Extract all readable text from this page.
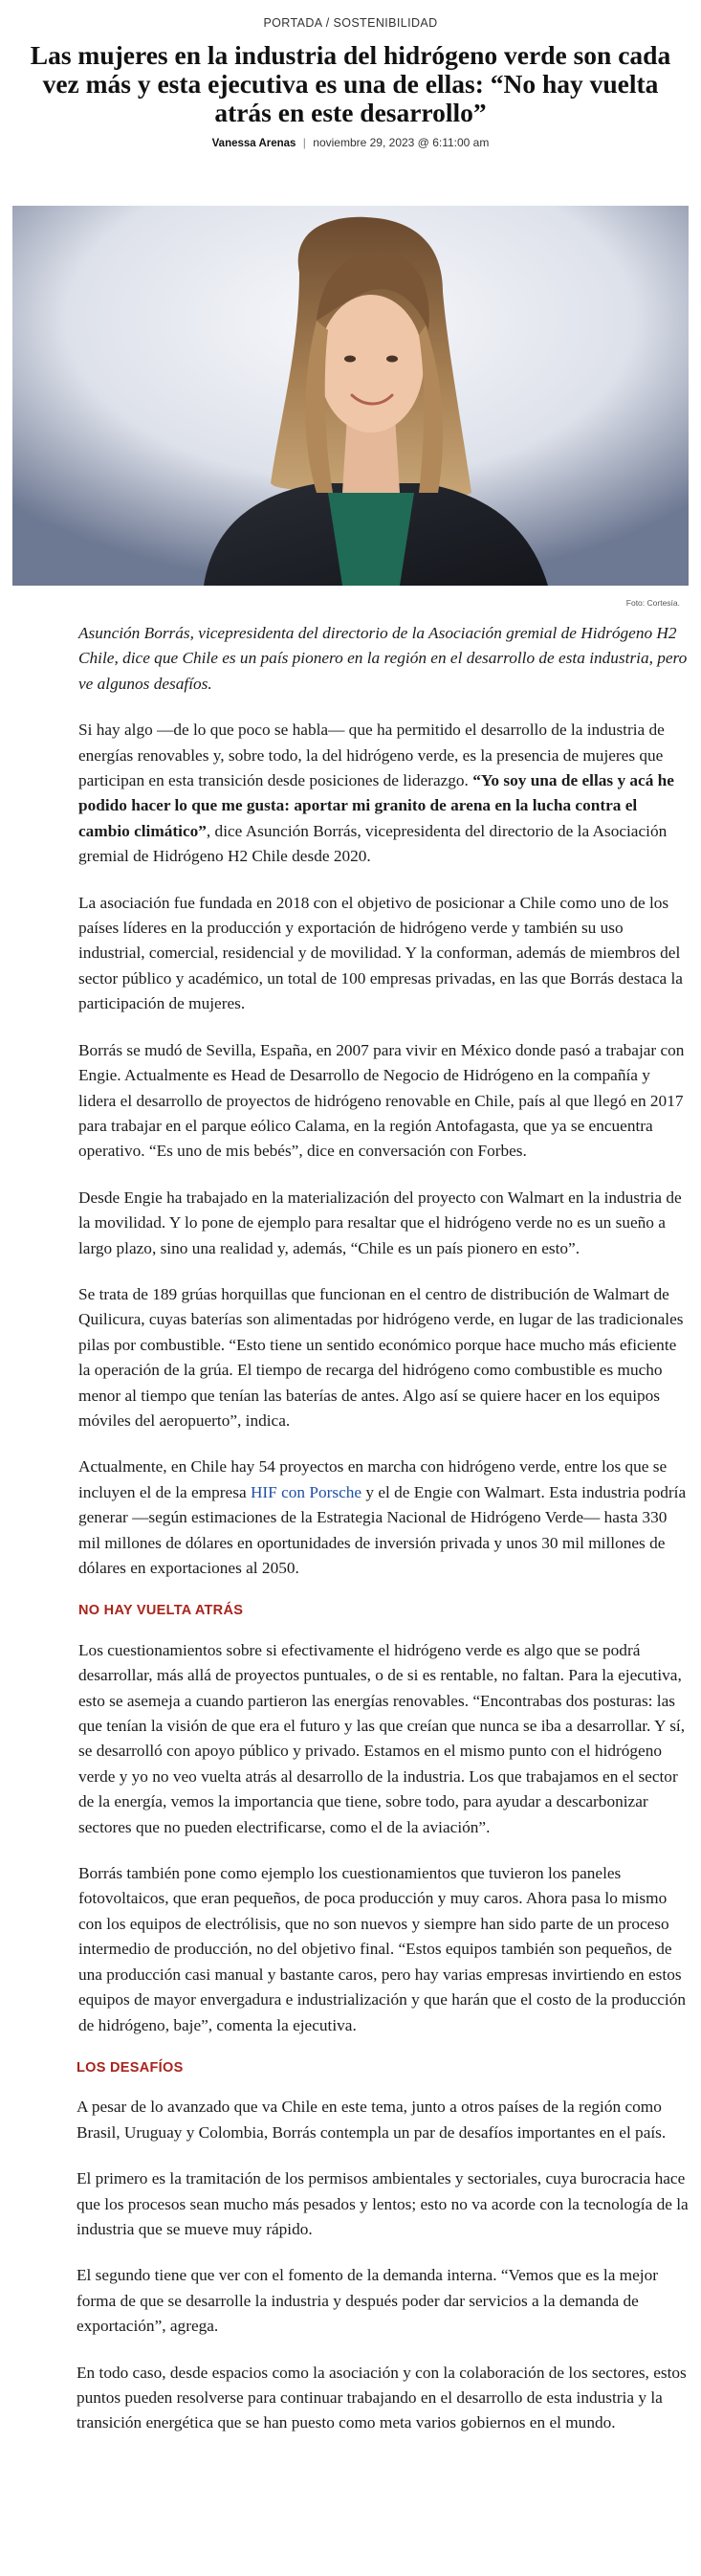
PORTADA / SOSTENIBILIDAD
Las mujeres en la industria del hidrógeno verde son cada vez más y esta ejecutiva es una de ellas: “No hay vuelta atrás en este desarrollo”
Vanessa Arenas | noviembre 29, 2023 @ 6:11:00 am
Foto: Cortesía.

Asunción Borrás, vicepresidenta del directorio de la Asociación gremial de Hidrógeno H2 Chile, dice que Chile es un país pionero en la región en el desarrollo de esta industria, pero ve algunos desafíos.

Si hay algo —de lo que poco se habla— que ha permitido el desarrollo de la industria de energías renovables y, sobre todo, la del hidrógeno verde, es la presencia de mujeres que participan en esta transición desde posiciones de liderazgo. “Yo soy una de ellas y acá he podido hacer lo que me gusta: aportar mi granito de arena en la lucha contra el cambio climático”, dice Asunción Borrás, vicepresidenta del directorio de la Asociación gremial de Hidrógeno H2 Chile desde 2020.

La asociación fue fundada en 2018 con el objetivo de posicionar a Chile como uno de los países líderes en la producción y exportación de hidrógeno verde y también su uso industrial, comercial, residencial y de movilidad. Y la conforman, además de miembros del sector público y académico, un total de 100 empresas privadas, en las que Borrás destaca la participación de mujeres.

Borrás se mudó de Sevilla, España, en 2007 para vivir en México donde pasó a trabajar con Engie. Actualmente es Head de Desarrollo de Negocio de Hidrógeno en la compañía y lidera el desarrollo de proyectos de hidrógeno renovable en Chile, país al que llegó en 2017 para trabajar en el parque eólico Calama, en la región Antofagasta, que ya se encuentra operativo. “Es uno de mis bebés”, dice en conversación con Forbes.

Desde Engie ha trabajado en la materialización del proyecto con Walmart en la industria de la movilidad. Y lo pone de ejemplo para resaltar que el hidrógeno verde no es un sueño a largo plazo, sino una realidad y, además, “Chile es un país pionero en esto”.

Se trata de 189 grúas horquillas que funcionan en el centro de distribución de Walmart de Quilicura, cuyas baterías son alimentadas por hidrógeno verde, en lugar de las tradicionales pilas por combustible. “Esto tiene un sentido económico porque hace mucho más eficiente la operación de la grúa. El tiempo de recarga del hidrógeno como combustible es mucho menor al tiempo que tenían las baterías de antes. Algo así se quiere hacer en los equipos móviles del aeropuerto”, indica.

Actualmente, en Chile hay 54 proyectos en marcha con hidrógeno verde, entre los que se incluyen el de la empresa HIF con Porsche y el de Engie con Walmart. Esta industria podría generar —según estimaciones de la Estrategia Nacional de Hidrógeno Verde— hasta 330 mil millones de dólares en oportunidades de inversión privada y unos 30 mil millones de dólares en exportaciones al 2050.

NO HAY VUELTA ATRÁS

Los cuestionamientos sobre si efectivamente el hidrógeno verde es algo que se podrá desarrollar, más allá de proyectos puntuales, o de si es rentable, no faltan. Para la ejecutiva, esto se asemeja a cuando partieron las energías renovables. “Encontrabas dos posturas: las que tenían la visión de que era el futuro y las que creían que nunca se iba a desarrollar. Y sí, se desarrolló con apoyo público y privado. Estamos en el mismo punto con el hidrógeno verde y yo no veo vuelta atrás al desarrollo de la industria. Los que trabajamos en el sector de la energía, vemos la importancia que tiene, sobre todo, para ayudar a descarbonizar sectores que no pueden electrificarse, como el de la aviación”.

Borrás también pone como ejemplo los cuestionamientos que tuvieron los paneles fotovoltaicos, que eran pequeños, de poca producción y muy caros. Ahora pasa lo mismo con los equipos de electrólisis, que no son nuevos y siempre han sido parte de un proceso intermedio de producción, no del objetivo final. “Estos equipos también son pequeños, de una producción casi manual y bastante caros, pero hay varias empresas invirtiendo en estos equipos de mayor envergadura e industrialización y que harán que el costo de la producción de hidrógeno, baje”, comenta la ejecutiva.

LOS DESAFÍOS

A pesar de lo avanzado que va Chile en este tema, junto a otros países de la región como Brasil, Uruguay y Colombia, Borrás contempla un par de desafíos importantes en el país.

El primero es la tramitación de los permisos ambientales y sectoriales, cuya burocracia hace que los procesos sean mucho más pesados y lentos; esto no va acorde con la tecnología de la industria que se mueve muy rápido.

El segundo tiene que ver con el fomento de la demanda interna. “Vemos que es la mejor forma de que se desarrolle la industria y después poder dar servicios a la demanda de exportación”, agrega.

En todo caso, desde espacios como la asociación y con la colaboración de los sectores, estos puntos pueden resolverse para continuar trabajando en el desarrollo de esta industria y la transición energética que se han puesto como meta varios gobiernos en el mundo.
